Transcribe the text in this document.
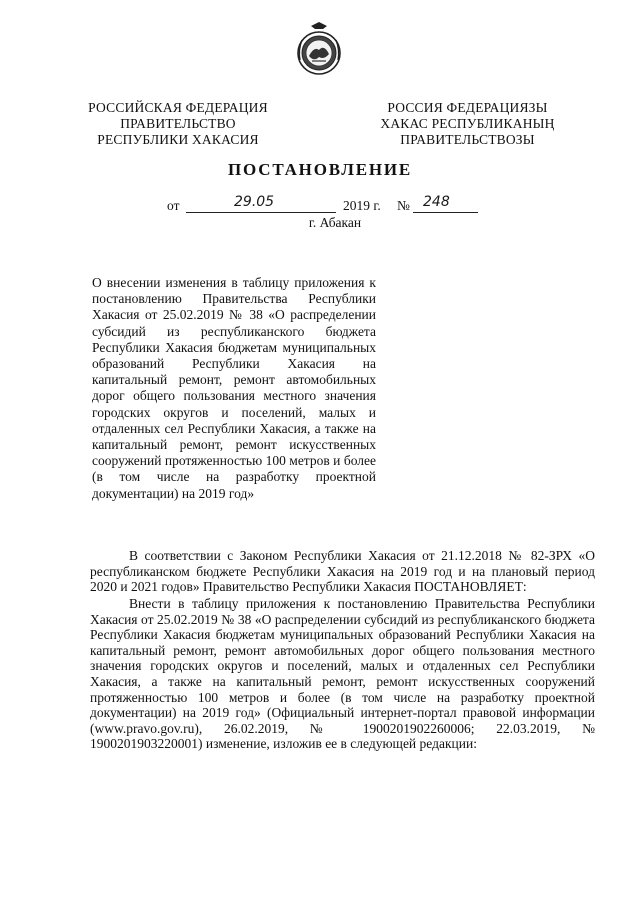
РОССИЙСКАЯ ФЕДЕРАЦИЯ
ПРАВИТЕЛЬСТВО
РЕСПУБЛИКИ ХАКАСИЯ
РОССИЯ ФЕДЕРАЦИЯЗЫ
ХАКАС РЕСПУБЛИКАНЫҢ
ПРАВИТЕЛЬСТВОЗЫ
ПОСТАНОВЛЕНИЕ
от	29.05	2019 г. № 248
г. Абакан

О внесении изменения в таблицу приложения к постановлению Правительства Республики Хакасия от 25.02.2019 № 38 «О распределении субсидий из республиканского бюджета Республики Хакасия бюджетам муниципальных образований Республики Хакасия на капитальный ремонт, ремонт автомобильных дорог общего пользования местного значения городских округов и поселений, малых и отдаленных сел Республики Хакасия, а также на капитальный ремонт, ремонт искусственных сооружений протяженностью 100 метров и более (в том числе на разработку проектной документации) на 2019 год»

В соответствии с Законом Республики Хакасия от 21.12.2018 № 82-ЗРХ «О республиканском бюджете Республики Хакасия на 2019 год и на плановый период 2020 и 2021 годов» Правительство Республики Хакасия ПОСТАНОВЛЯЕТ:

Внести в таблицу приложения к постановлению Правительства Республики Хакасия от 25.02.2019 № 38 «О распределении субсидий из республиканского бюджета Республики Хакасия бюджетам муниципальных образований Республики Хакасия на капитальный ремонт, ремонт автомобильных дорог общего пользования местного значения городских округов и поселений, малых и отдаленных сел Республики Хакасия, а также на капитальный ремонт, ремонт искусственных сооружений протяженностью 100 метров и более (в том числе на разработку проектной документации) на 2019 год» (Официальный интернет-портал правовой информации (www.pravo.gov.ru), 26.02.2019, № 1900201902260006; 22.03.2019, № 1900201903220001) изменение, изложив ее в следующей редакции:
